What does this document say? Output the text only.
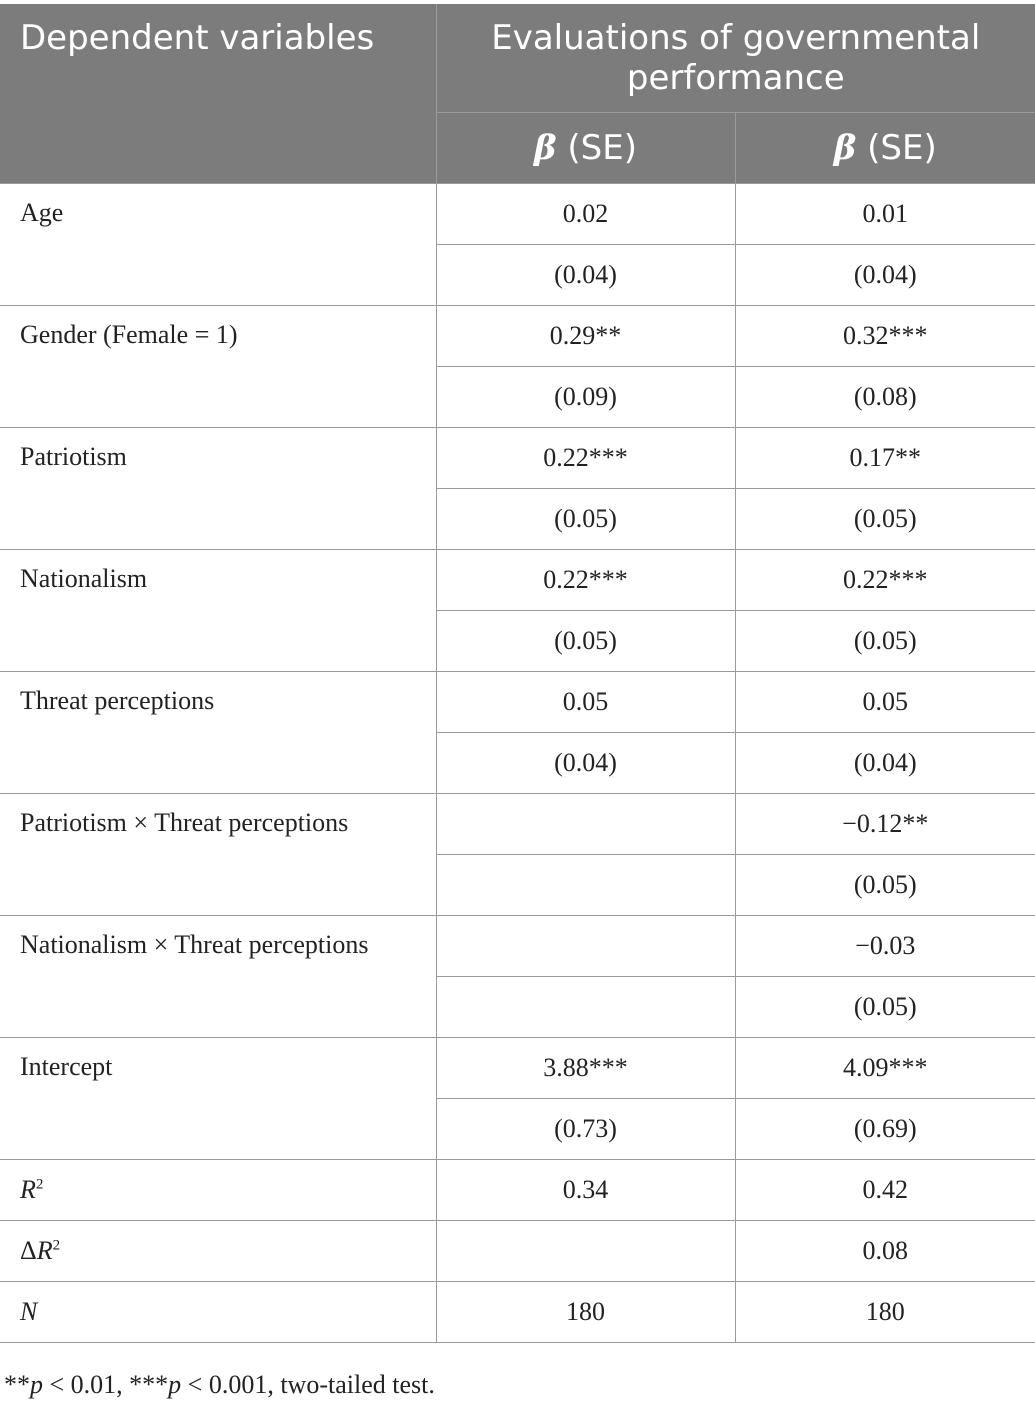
Dependent variables	Evaluations of governmental performance	
	β (SE)	β (SE)
Age	0.02	0.01
	(0.04)	(0.04)
Gender (Female = 1)	0.29**	0.32***
	(0.09)	(0.08)
Patriotism	0.22***	0.17**
	(0.05)	(0.05)
Nationalism	0.22***	0.22***
	(0.05)	(0.05)
Threat perceptions	0.05	0.05
	(0.04)	(0.04)
Patriotism × Threat perceptions		−0.12**
		(0.05)
Nationalism × Threat perceptions		−0.03
		(0.05)
Intercept	3.88***	4.09***
	(0.73)	(0.69)
$R^2$	0.34	0.42
$\Delta R^2$		0.08
N	180	180
**p < 0.01, ***p < 0.001, two-tailed test.
